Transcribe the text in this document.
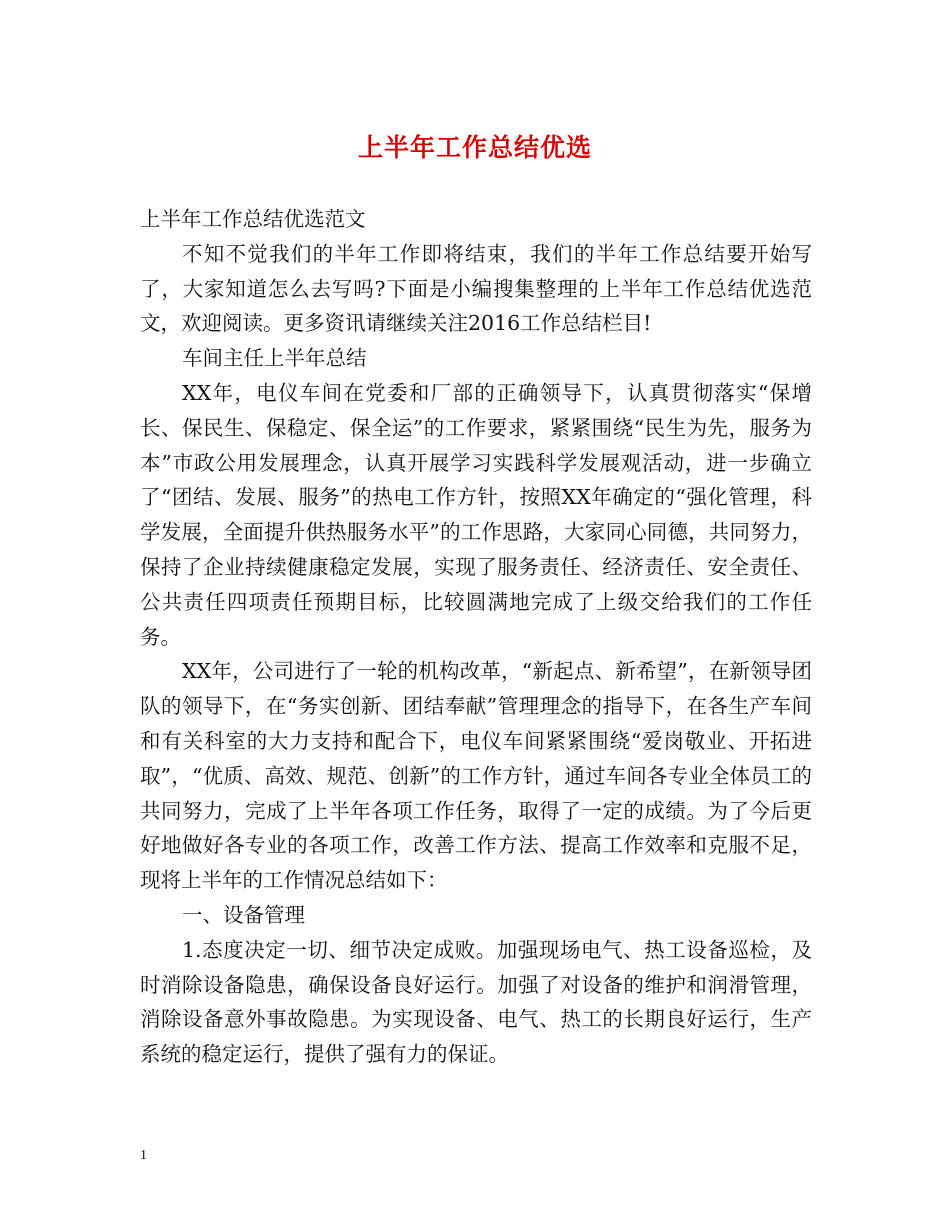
上半年工作总结优选

上半年工作总结优选范文

不知不觉我们的半年工作即将结束，我们的半年工作总结要开始写了，大家知道怎么去写吗?下面是小编搜集整理的上半年工作总结优选范文，欢迎阅读。更多资讯请继续关注2016工作总结栏目!

车间主任上半年总结

XX年，电仪车间在党委和厂部的正确领导下，认真贯彻落实“保增长、保民生、保稳定、保全运”的工作要求，紧紧围绕“民生为先，服务为本”市政公用发展理念，认真开展学习实践科学发展观活动，进一步确立了“团结、发展、服务”的热电工作方针，按照XX年确定的“强化管理，科学发展，全面提升供热服务水平”的工作思路，大家同心同德，共同努力，保持了企业持续健康稳定发展，实现了服务责任、经济责任、安全责任、公共责任四项责任预期目标，比较圆满地完成了上级交给我们的工作任务。

XX年，公司进行了一轮的机构改革，“新起点、新希望”，在新领导团队的领导下，在“务实创新、团结奉献”管理理念的指导下，在各生产车间和有关科室的大力支持和配合下，电仪车间紧紧围绕“爱岗敬业、开拓进取”，“优质、高效、规范、创新”的工作方针，通过车间各专业全体员工的共同努力，完成了上半年各项工作任务，取得了一定的成绩。为了今后更好地做好各专业的各项工作，改善工作方法、提高工作效率和克服不足，现将上半年的工作情况总结如下：

一、设备管理

1.态度决定一切、细节决定成败。加强现场电气、热工设备巡检，及时消除设备隐患，确保设备良好运行。加强了对设备的维护和润滑管理，消除设备意外事故隐患。为实现设备、电气、热工的长期良好运行，生产系统的稳定运行，提供了强有力的保证。

1
